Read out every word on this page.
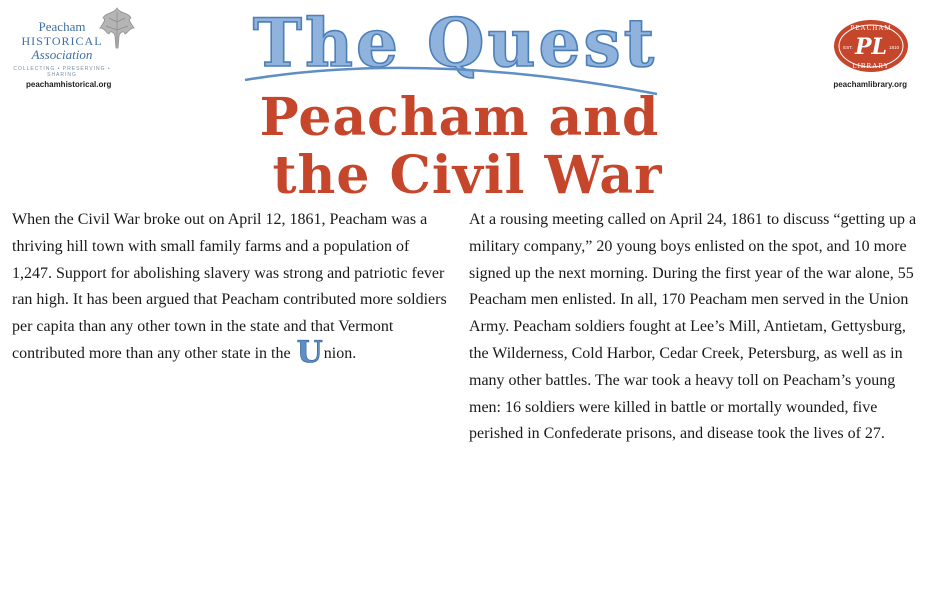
Peacham
HISTORICAL
Association
COLLECTING • PRESERVING • SHARING
peachamhistorical.org
PEACHAM
PL
EST.	1810
LIBRARY
peachamlibrary.org
The Quest
Peacham and
the Civil War

When the Civil War broke out on April 12, 1861, Peacham was a thriving hill town with small family farms and a population of 1,247. Support for abolishing slavery was strong and patriotic fever ran high. It has been argued that Peacham contributed more soldiers per capita than any other town in the state and that Vermont contributed more than any other state in the Union.

At a rousing meeting called on April 24, 1861 to discuss “getting up a military company,” 20 young boys enlisted on the spot, and 10 more signed up the next morning. During the first year of the war alone, 55 Peacham men enlisted. In all, 170 Peacham men served in the Union Army. Peacham soldiers fought at Lee’s Mill, Antietam, Gettysburg, the Wilderness, Cold Harbor, Cedar Creek, Petersburg, as well as in many other battles. The war took a heavy toll on Peacham’s young men: 16 soldiers were killed in battle or mortally wounded, five perished in Confederate prisons, and disease took the lives of 27.
